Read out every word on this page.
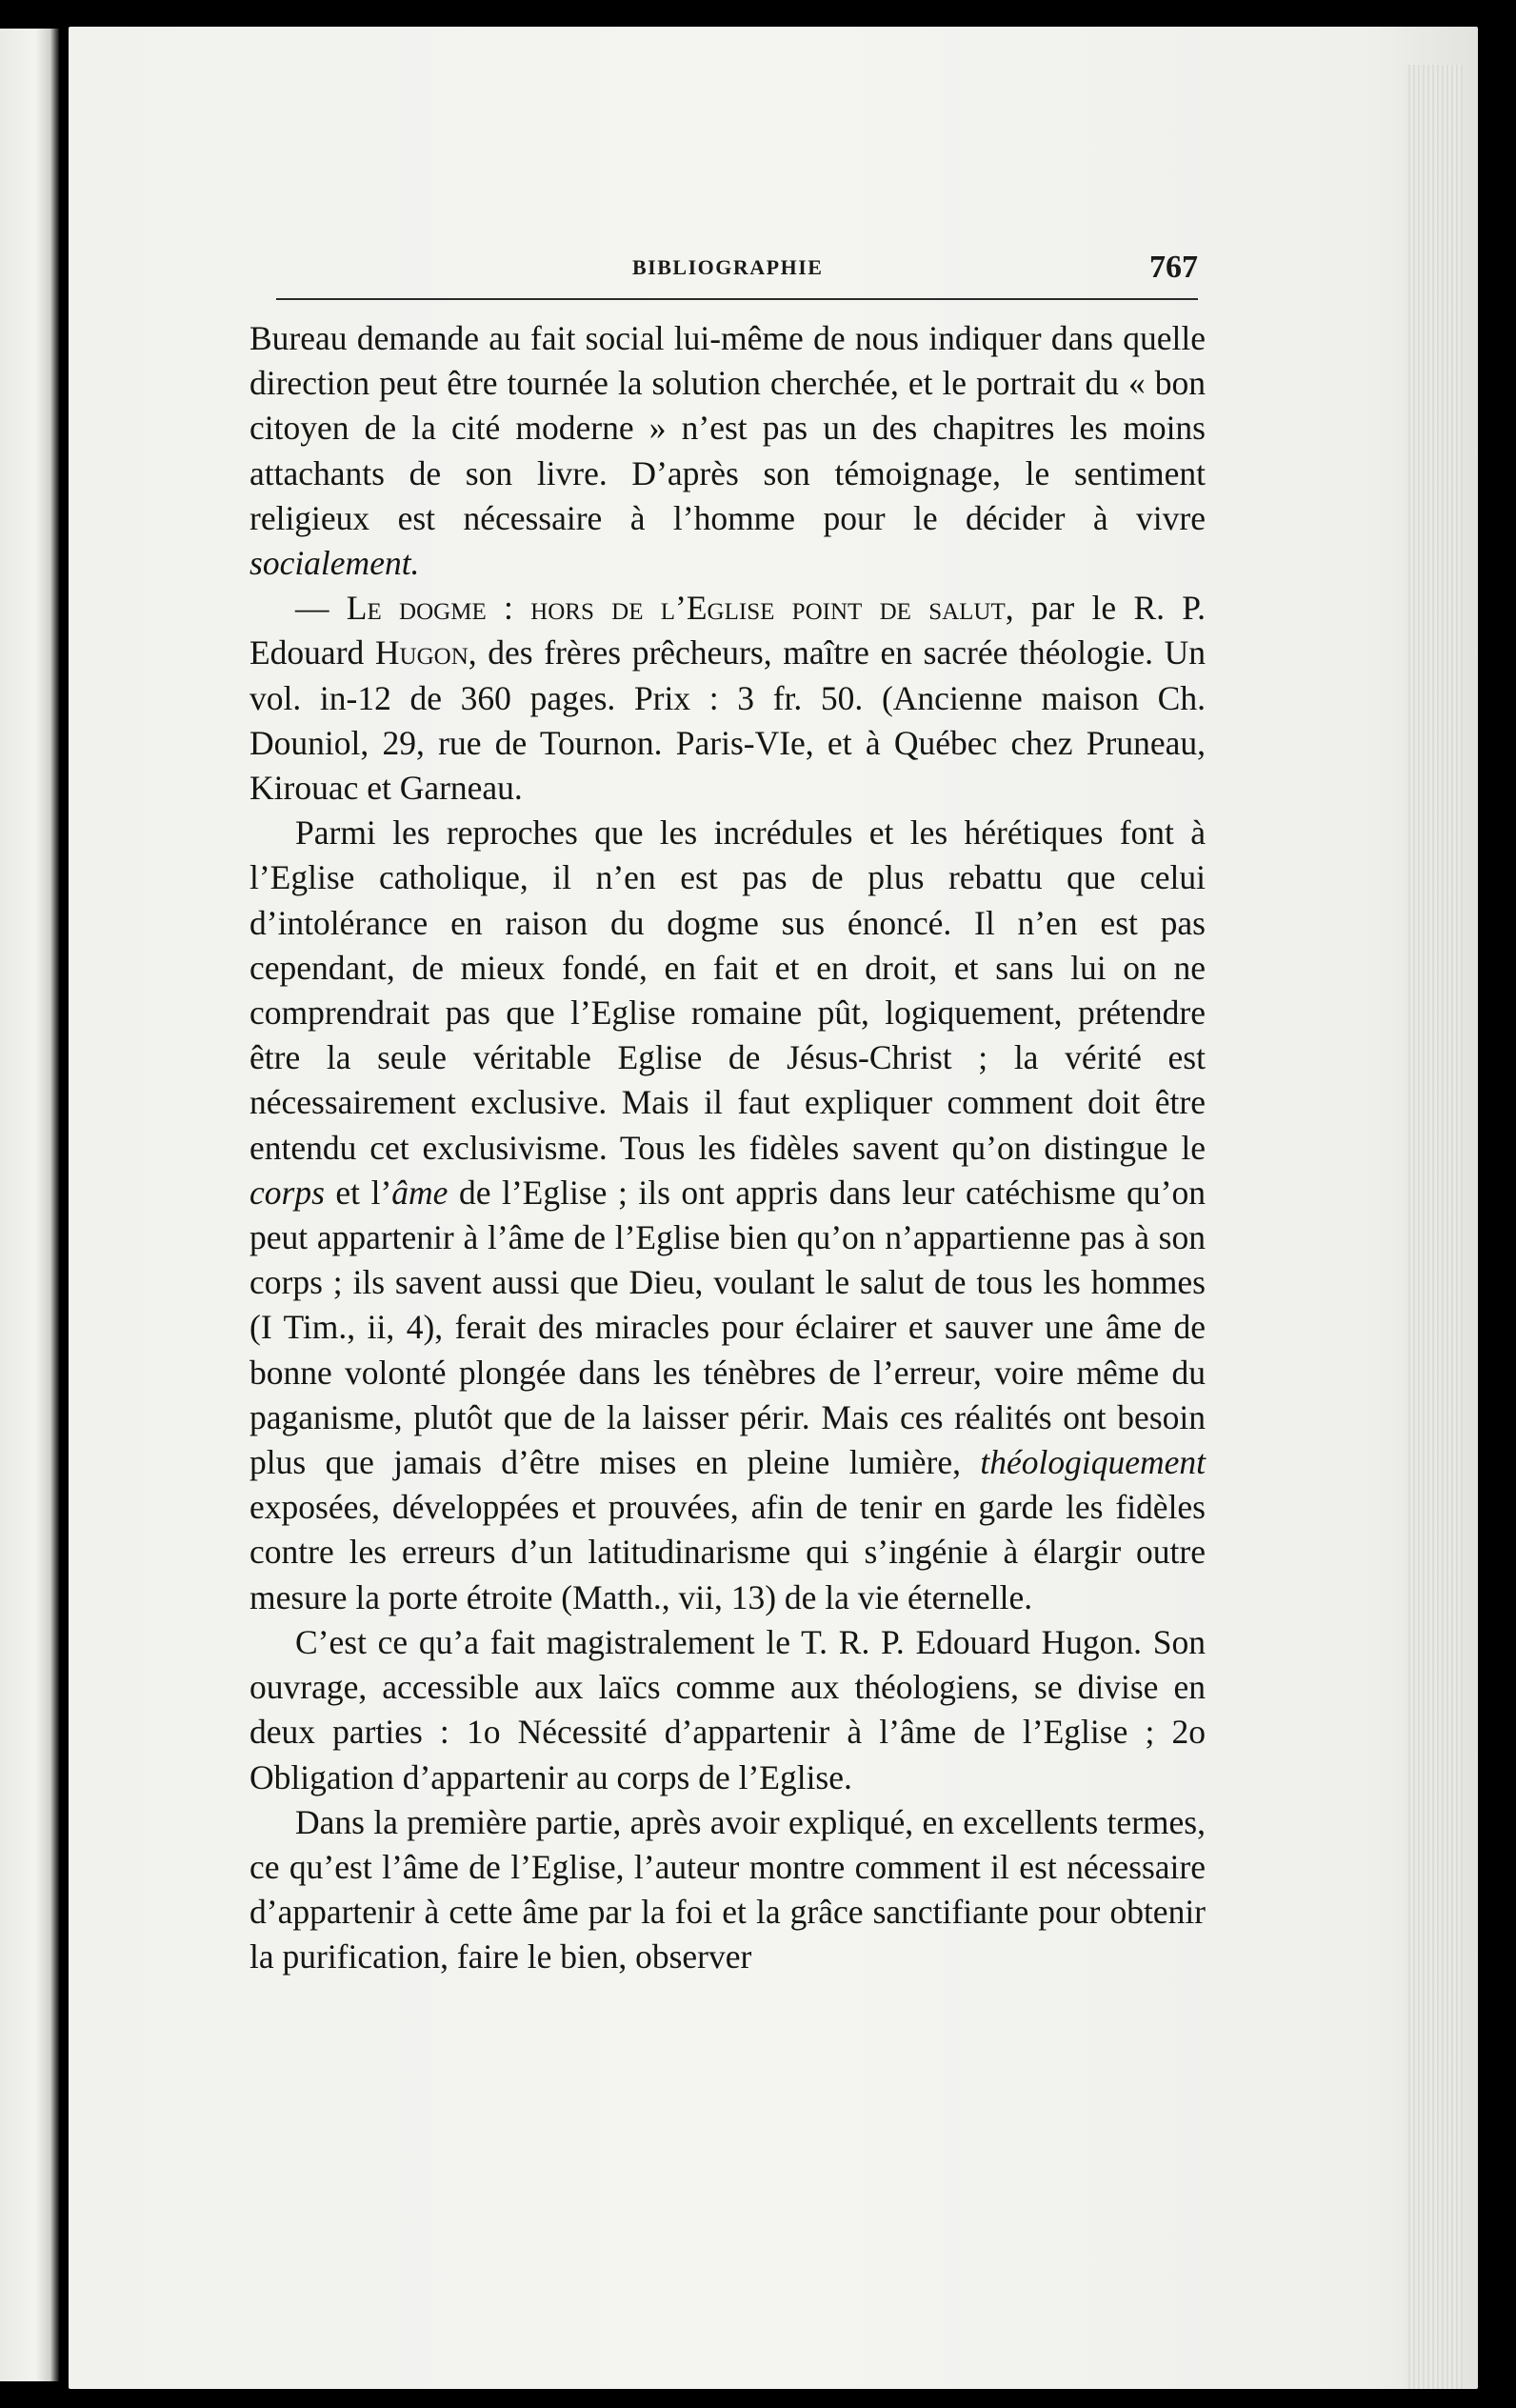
BIBLIOGRAPHIE	767

Bureau demande au fait social lui-même de nous indiquer dans quelle direction peut être tournée la solution cherchée, et le portrait du « bon citoyen de la cité moderne » n’est pas un des chapitres les moins attachants de son livre. D’après son témoignage, le sentiment religieux est nécessaire à l’homme pour le décider à vivre socialement.

— Le dogme : hors de l’Eglise point de salut, par le R. P. Edouard Hugon, des frères prêcheurs, maître en sacrée théologie. Un vol. in-12 de 360 pages. Prix : 3 fr. 50. (Ancienne maison Ch. Douniol, 29, rue de Tournon. Paris-VIe, et à Québec chez Pruneau, Kirouac et Garneau.

Parmi les reproches que les incrédules et les hérétiques font à l’Eglise catholique, il n’en est pas de plus rebattu que celui d’intolérance en raison du dogme sus énoncé. Il n’en est pas cependant, de mieux fondé, en fait et en droit, et sans lui on ne comprendrait pas que l’Eglise romaine pût, logiquement, prétendre être la seule véritable Eglise de Jésus-Christ ; la vérité est nécessairement exclusive. Mais il faut expliquer comment doit être entendu cet exclusivisme. Tous les fidèles savent qu’on distingue le corps et l’âme de l’Eglise ; ils ont appris dans leur catéchisme qu’on peut appartenir à l’âme de l’Eglise bien qu’on n’appartienne pas à son corps ; ils savent aussi que Dieu, voulant le salut de tous les hommes (I Tim., ii, 4), ferait des miracles pour éclairer et sauver une âme de bonne volonté plongée dans les ténèbres de l’erreur, voire même du paganisme, plutôt que de la laisser périr. Mais ces réalités ont besoin plus que jamais d’être mises en pleine lumière, théologiquement exposées, développées et prouvées, afin de tenir en garde les fidèles contre les erreurs d’un latitudinarisme qui s’ingénie à élargir outre mesure la porte étroite (Matth., vii, 13) de la vie éternelle.

C’est ce qu’a fait magistralement le T. R. P. Edouard Hugon. Son ouvrage, accessible aux laïcs comme aux théologiens, se divise en deux parties : 1o Nécessité d’appartenir à l’âme de l’Eglise ; 2o Obligation d’appartenir au corps de l’Eglise.

Dans la première partie, après avoir expliqué, en excellents termes, ce qu’est l’âme de l’Eglise, l’auteur montre comment il est nécessaire d’appartenir à cette âme par la foi et la grâce sanctifiante pour obtenir la purification, faire le bien, observer
